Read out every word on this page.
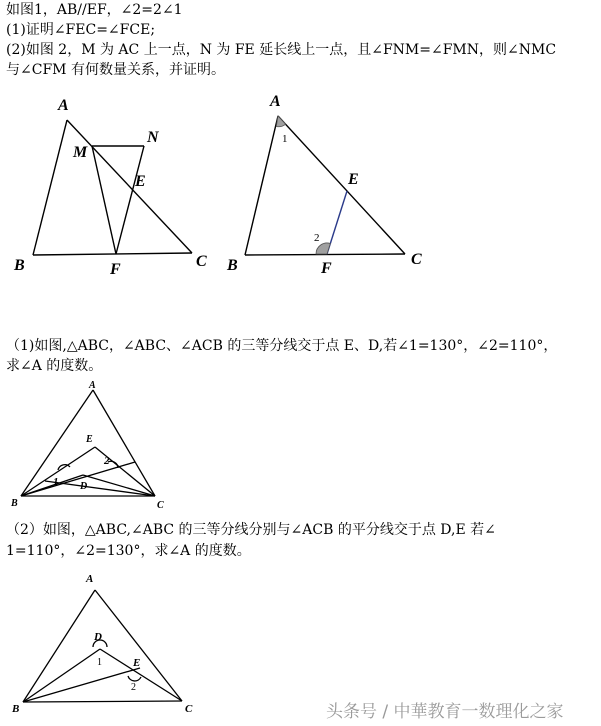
如图1，AB//EF，∠2=2∠1
(1)证明∠FEC=∠FCE;
(2)如图 2，M 为 AC 上一点，N 为 FE 延长线上一点，且∠FNM=∠FMN，则∠NMC
与∠CFM 有何数量关系，并证明。
（1)如图,△ABC，∠ABC、∠ACB 的三等分线交于点 E、D,若∠1=130°，∠2=110°，
求∠A 的度数。
（2）如图，△ABC,∠ABC 的三等分线分别与∠ACB 的平分线交于点 D,E 若∠
1=110°，∠2=130°，求∠A 的度数。
A
B	C
M
N
E
F
A
B	C
E
F
1
2
A
B	C
E
D
1
2
A
B	C
D
E
1
2
头条号 / 中華教育一数理化之家
